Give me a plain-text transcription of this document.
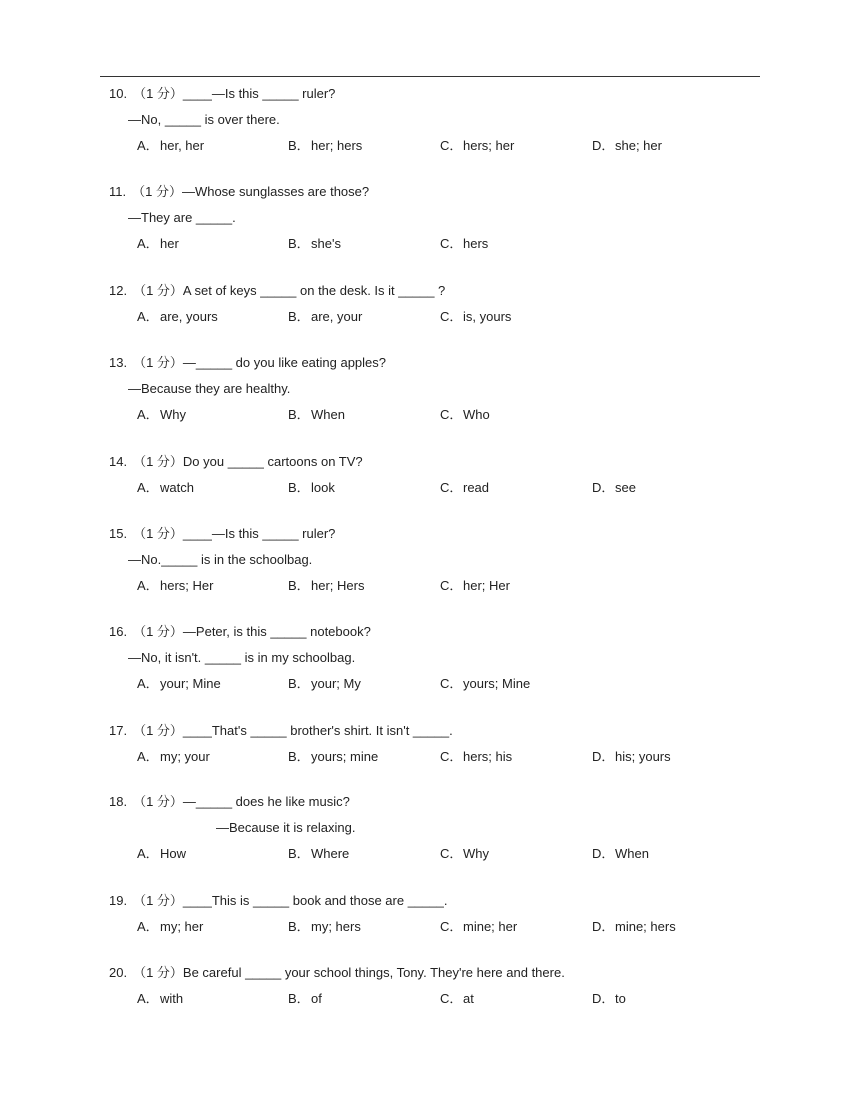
10. （1 分）____—Is this _____ ruler?
—No, _____ is over there.
A．her, her	B．her; hers	C．hers; her	D．she; her
11. （1 分）—Whose sunglasses are those?
—They are _____.
A．her	B．she's	C．hers
12. （1 分）A set of keys _____ on the desk. Is it _____ ?
A．are, yours	B．are, your	C．is, yours
13. （1 分）—_____ do you like eating apples?
—Because they are healthy.
A．Why	B．When	C．Who
14. （1 分）Do you _____ cartoons on TV?
A．watch	B．look	C．read	D．see
15. （1 分）____—Is this _____ ruler?
—No._____ is in the schoolbag.
A．hers; Her	B．her; Hers	C．her; Her
16. （1 分）—Peter, is this _____ notebook?
—No, it isn't. _____ is in my schoolbag.
A．your; Mine	B．your; My	C．yours; Mine
17. （1 分）____That's _____ brother's shirt. It isn't _____.
A．my; your	B．yours; mine	C．hers; his	D．his; yours
18. （1 分）—_____ does he like music?
—Because it is relaxing.
A．How	B．Where	C．Why	D．When
19. （1 分）____This is _____ book and those are _____.
A．my; her	B．my; hers	C．mine; her	D．mine; hers
20. （1 分）Be careful _____ your school things, Tony. They're here and there.
A．with	B．of	C．at	D．to
